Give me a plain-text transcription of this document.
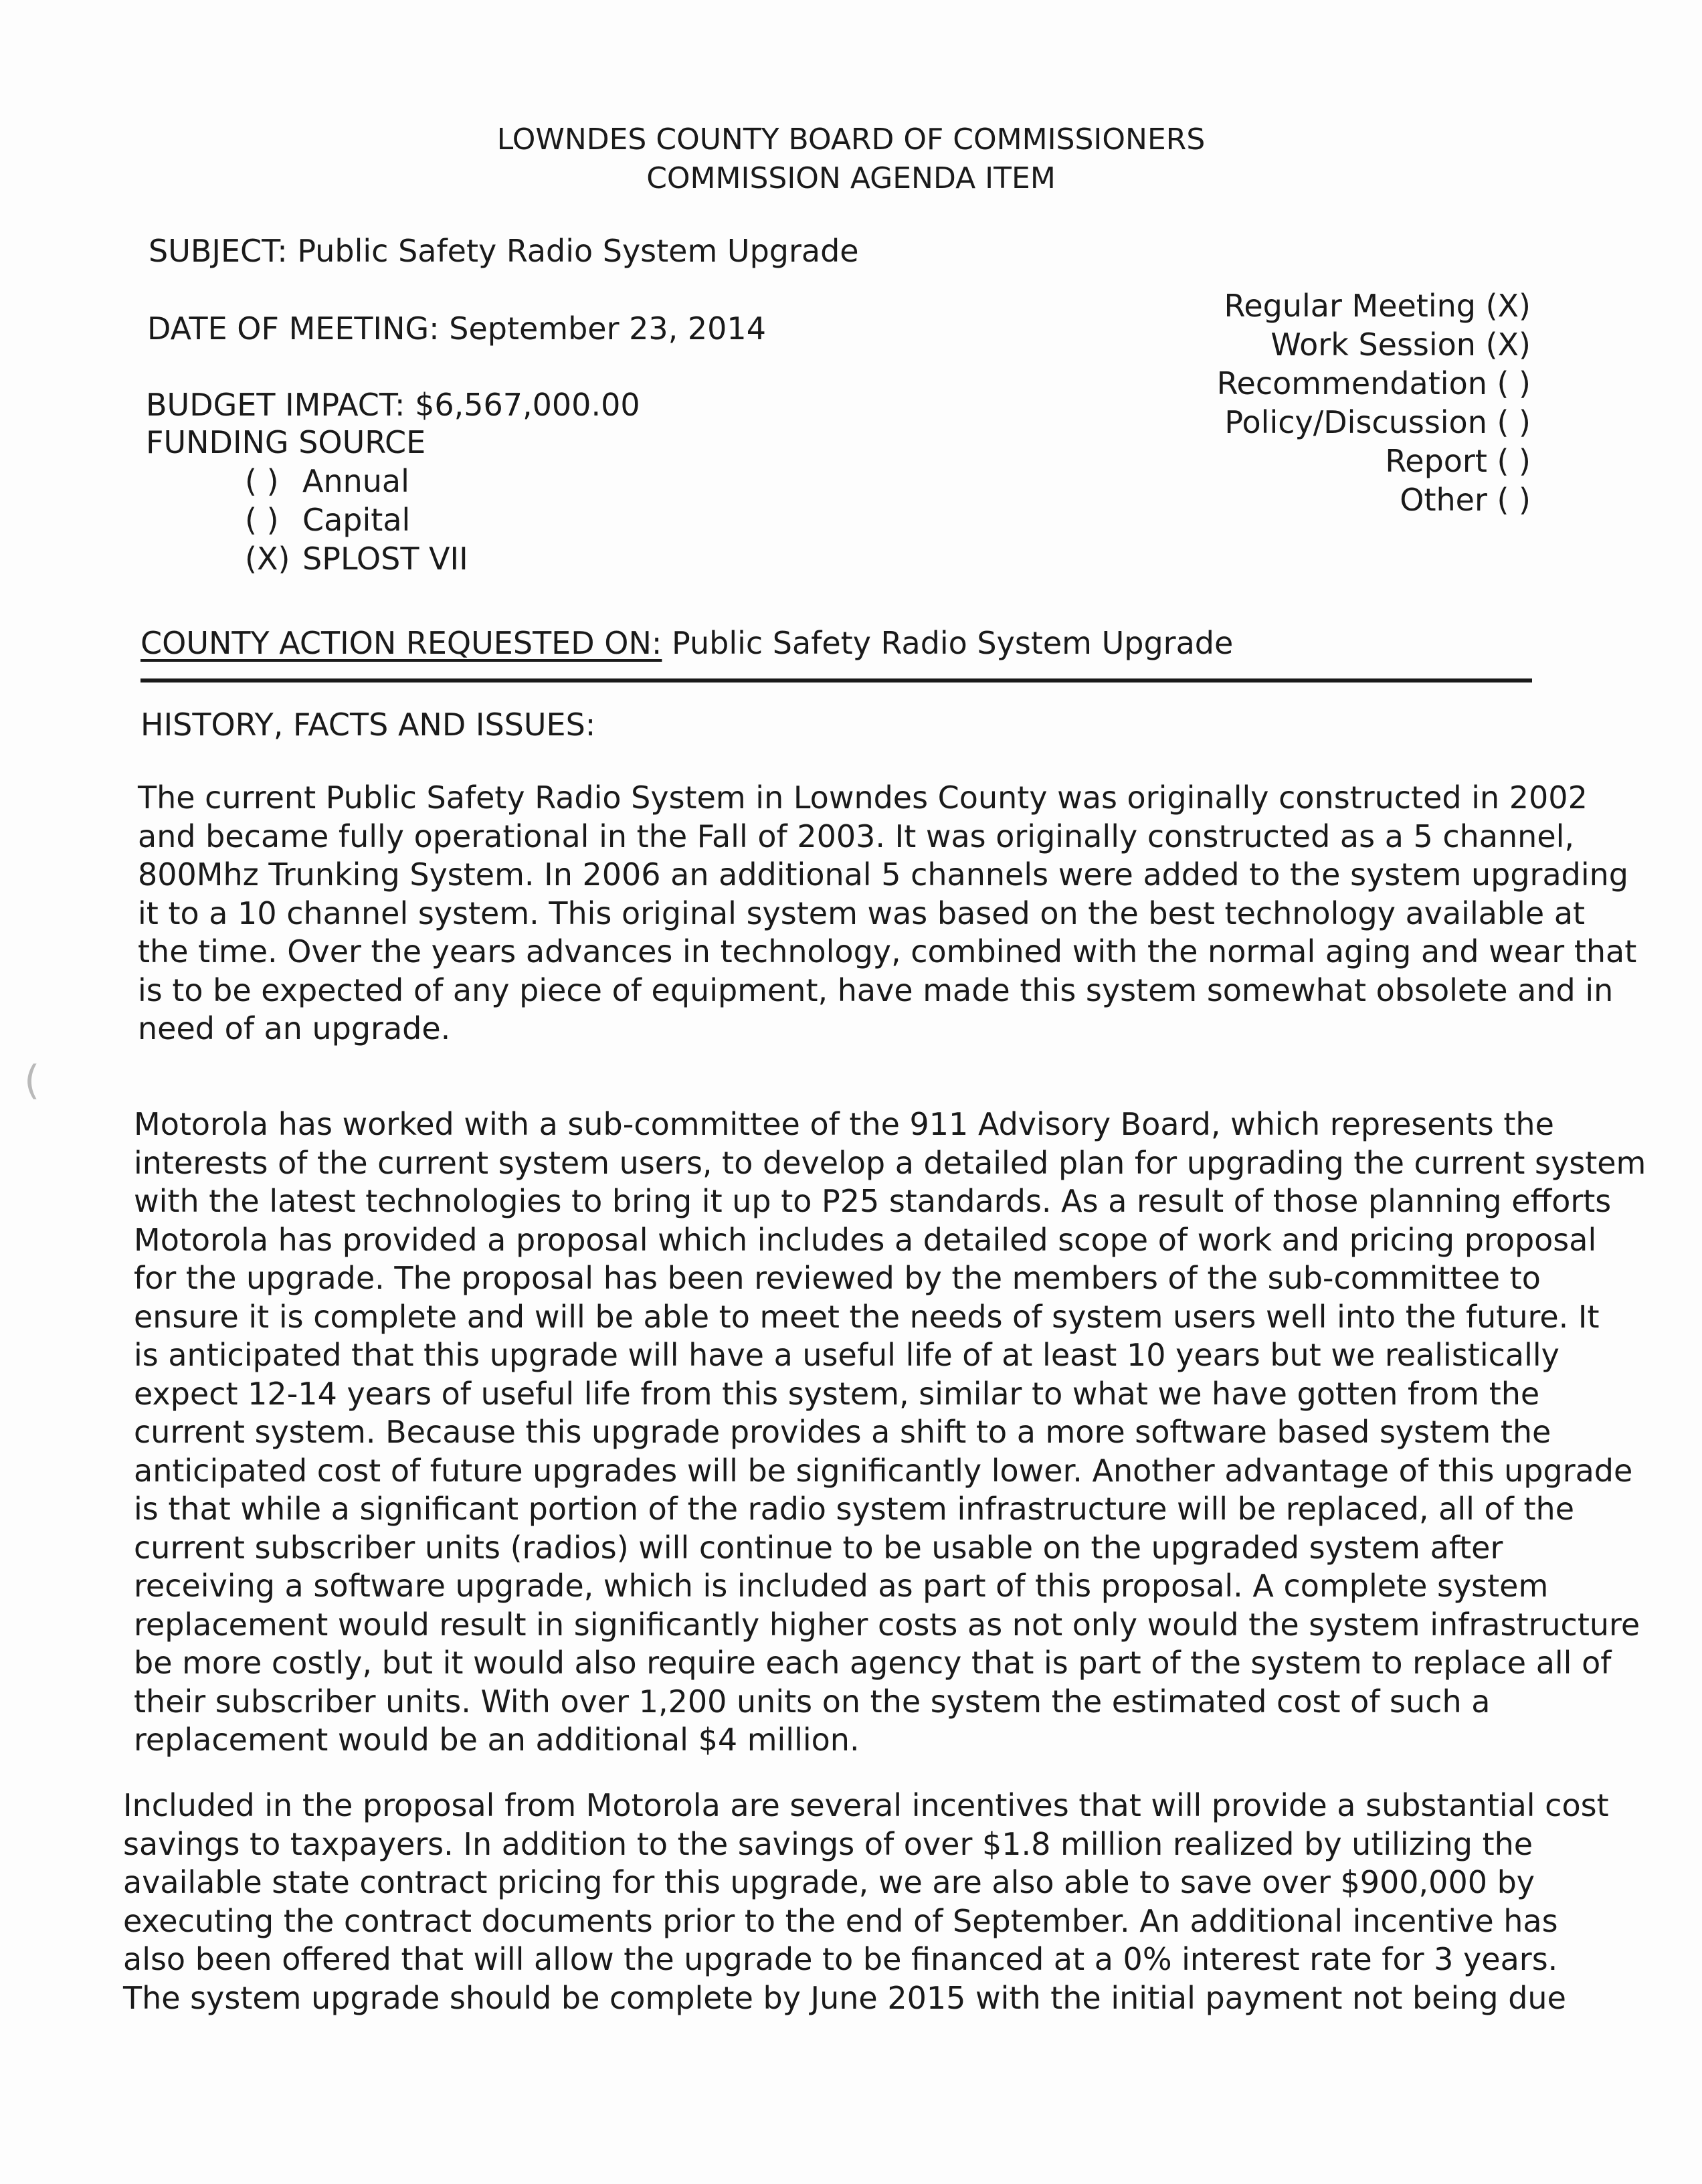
LOWNDES COUNTY BOARD OF COMMISSIONERS
COMMISSION AGENDA ITEM
SUBJECT: Public Safety Radio System Upgrade
DATE OF MEETING: September 23, 2014
BUDGET IMPACT: $6,567,000.00
FUNDING SOURCE
( ) Annual
( ) Capital
(X) SPLOST VII
Regular Meeting (X)
Work Session (X)
Recommendation ( )
Policy/Discussion ( )
Report ( )
Other ( )
COUNTY ACTION REQUESTED ON: Public Safety Radio System Upgrade
HISTORY, FACTS AND ISSUES:
The current Public Safety Radio System in Lowndes County was originally constructed in 2002
and became fully operational in the Fall of 2003. It was originally constructed as a 5 channel,
800Mhz Trunking System. In 2006 an additional 5 channels were added to the system upgrading
it to a 10 channel system. This original system was based on the best technology available at
the time. Over the years advances in technology, combined with the normal aging and wear that
is to be expected of any piece of equipment, have made this system somewhat obsolete and in
need of an upgrade.
Motorola has worked with a sub-committee of the 911 Advisory Board, which represents the
interests of the current system users, to develop a detailed plan for upgrading the current system
with the latest technologies to bring it up to P25 standards. As a result of those planning efforts
Motorola has provided a proposal which includes a detailed scope of work and pricing proposal
for the upgrade. The proposal has been reviewed by the members of the sub-committee to
ensure it is complete and will be able to meet the needs of system users well into the future. It
is anticipated that this upgrade will have a useful life of at least 10 years but we realistically
expect 12-14 years of useful life from this system, similar to what we have gotten from the
current system. Because this upgrade provides a shift to a more software based system the
anticipated cost of future upgrades will be significantly lower. Another advantage of this upgrade
is that while a significant portion of the radio system infrastructure will be replaced, all of the
current subscriber units (radios) will continue to be usable on the upgraded system after
receiving a software upgrade, which is included as part of this proposal. A complete system
replacement would result in significantly higher costs as not only would the system infrastructure
be more costly, but it would also require each agency that is part of the system to replace all of
their subscriber units. With over 1,200 units on the system the estimated cost of such a
replacement would be an additional $4 million.
Included in the proposal from Motorola are several incentives that will provide a substantial cost
savings to taxpayers. In addition to the savings of over $1.8 million realized by utilizing the
available state contract pricing for this upgrade, we are also able to save over $900,000 by
executing the contract documents prior to the end of September. An additional incentive has
also been offered that will allow the upgrade to be financed at a 0% interest rate for 3 years.
The system upgrade should be complete by June 2015 with the initial payment not being due
(
